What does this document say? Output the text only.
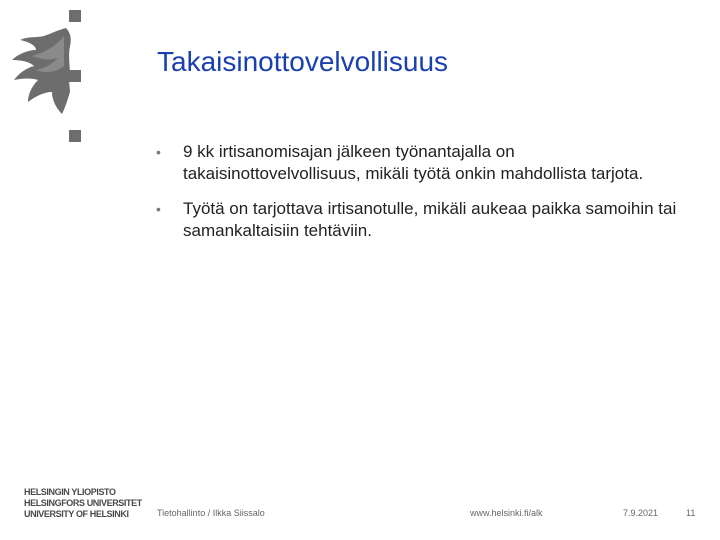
Takaisinottovelvollisuus
• 9 kk irtisanomisajan jälkeen työnantajalla on takaisinottovelvollisuus, mikäli työtä onkin mahdollista tarjota.
• Työtä on tarjottava irtisanotulle, mikäli aukeaa paikka samoihin tai samankaltaisiin tehtäviin.
HELSINGIN YLIOPISTO
HELSINGFORS UNIVERSITET
UNIVERSITY OF HELSINKI	Tietohallinto / Ilkka Siissalo	www.helsinki.fi/alk	7.9.2021	11
